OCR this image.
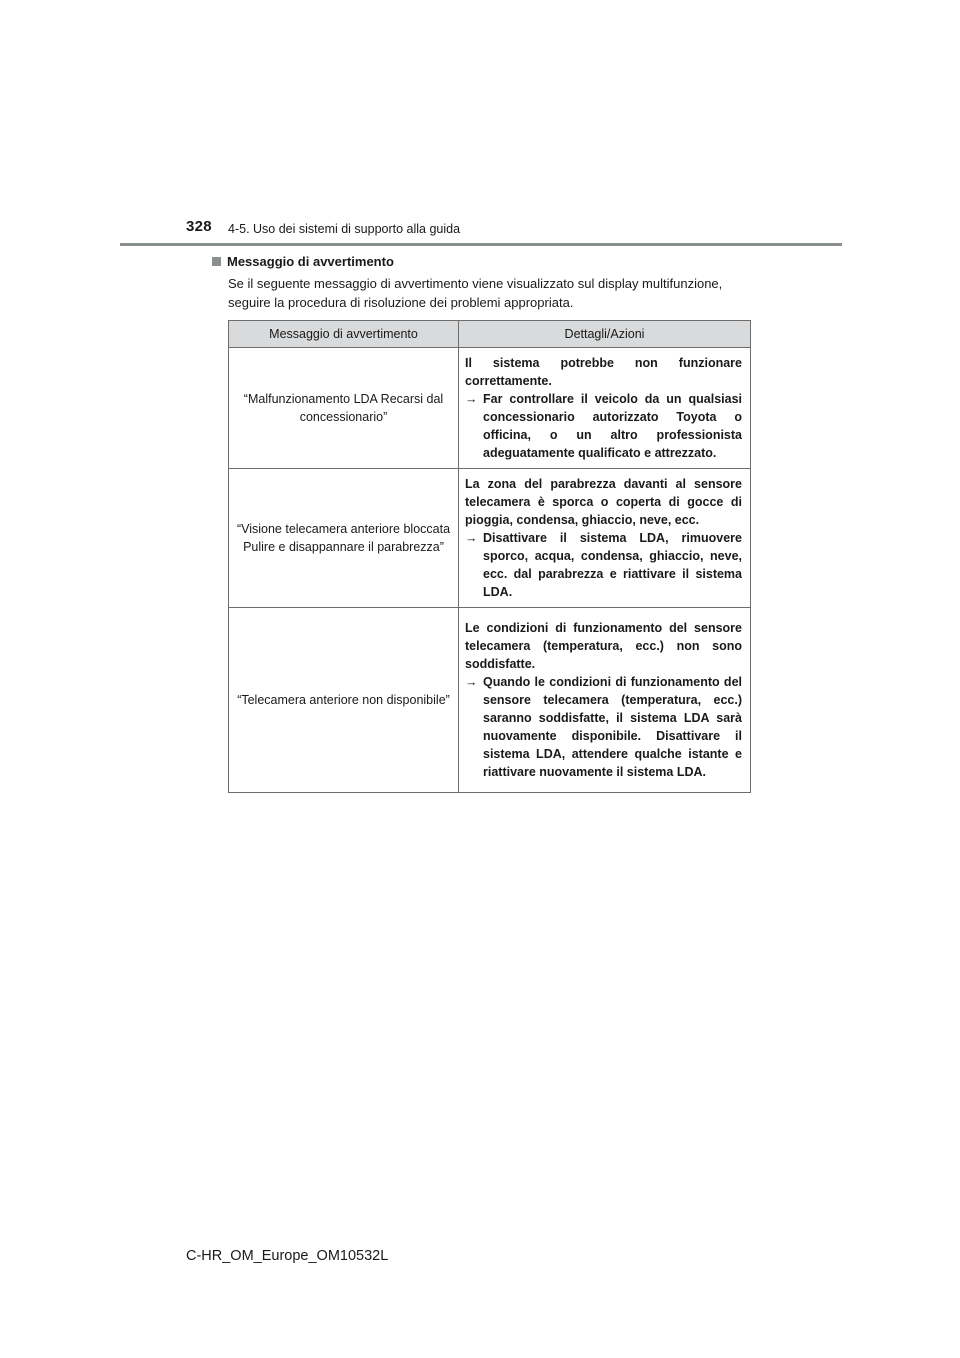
328 4-5. Uso dei sistemi di supporto alla guida
Messaggio di avvertimento
Se il seguente messaggio di avvertimento viene visualizzato sul display multifunzione, seguire la procedura di risoluzione dei problemi appropriata.
Messaggio di avvertimento	Dettagli/Azioni
“Malfunzionamento LDA Recarsi dal concessionario”	Il sistema potrebbe non funzionare correttamente.
→ Far controllare il veicolo da un qualsiasi concessionario autorizzato Toyota o officina, o un altro professionista adeguatamente qualificato e attrezzato.

“Visione telecamera anteriore bloccata Pulire e disappannare il parabrezza”	La zona del parabrezza davanti al sensore telecamera è sporca o coperta di gocce di pioggia, condensa, ghiaccio, neve, ecc.
→ Disattivare il sistema LDA, rimuovere sporco, acqua, condensa, ghiaccio, neve, ecc. dal parabrezza e riattivare il sistema LDA.

“Telecamera anteriore non disponibile”	Le condizioni di funzionamento del sensore telecamera (temperatura, ecc.) non sono soddisfatte.
→ Quando le condizioni di funzionamento del sensore telecamera (temperatura, ecc.) saranno soddisfatte, il sistema LDA sarà nuovamente disponibile. Disattivare il sistema LDA, attendere qualche istante e riattivare nuovamente il sistema LDA.
C-HR_OM_Europe_OM10532L
